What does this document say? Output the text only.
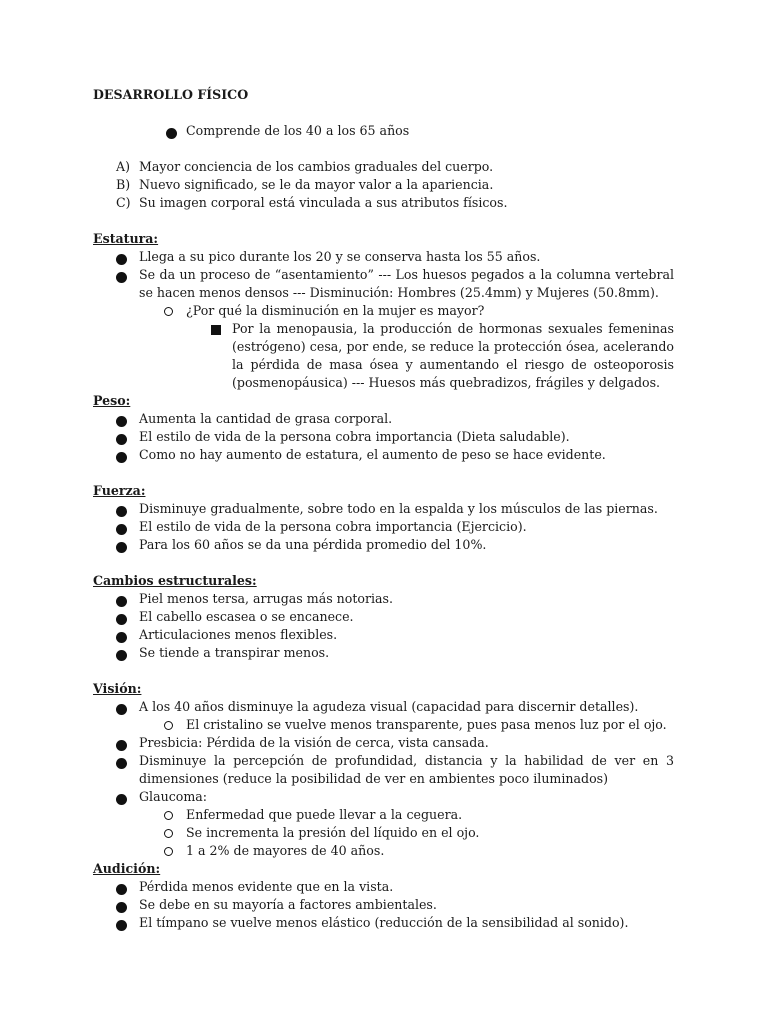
DESARROLLO FÍSICO
Comprende de los 40 a los 65 años
A) Mayor conciencia de los cambios graduales del cuerpo.
B) Nuevo significado, se le da mayor valor a la apariencia.
C) Su imagen corporal está vinculada a sus atributos físicos.
Estatura:
Llega a su pico durante los 20 y se conserva hasta los 55 años.
Se da un proceso de “asentamiento” --- Los huesos pegados a la columna vertebral se hacen menos densos --- Disminución: Hombres (25.4mm) y Mujeres (50.8mm).
¿Por qué la disminución en la mujer es mayor?
Por la menopausia, la producción de hormonas sexuales femeninas (estrógeno) cesa, por ende, se reduce la protección ósea, acelerando la pérdida de masa ósea y aumentando el riesgo de osteoporosis (posmenopáusica) --- Huesos más quebradizos, frágiles y delgados.
Peso:
Aumenta la cantidad de grasa corporal.
El estilo de vida de la persona cobra importancia (Dieta saludable).
Como no hay aumento de estatura, el aumento de peso se hace evidente.
Fuerza:
Disminuye gradualmente, sobre todo en la espalda y los músculos de las piernas.
El estilo de vida de la persona cobra importancia (Ejercicio).
Para los 60 años se da una pérdida promedio del 10%.
Cambios estructurales:
Piel menos tersa, arrugas más notorias.
El cabello escasea o se encanece.
Articulaciones menos flexibles.
Se tiende a transpirar menos.
Visión:
A los 40 años disminuye la agudeza visual (capacidad para discernir detalles).
El cristalino se vuelve menos transparente, pues pasa menos luz por el ojo.
Presbicia: Pérdida de la visión de cerca, vista cansada.
Disminuye la percepción de profundidad, distancia y la habilidad de ver en 3 dimensiones (reduce la posibilidad de ver en ambientes poco iluminados)
Glaucoma:
Enfermedad que puede llevar a la ceguera.
Se incrementa la presión del líquido en el ojo.
1 a 2% de mayores de 40 años.
Audición:
Pérdida menos evidente que en la vista.
Se debe en su mayoría a factores ambientales.
El tímpano se vuelve menos elástico (reducción de la sensibilidad al sonido).
